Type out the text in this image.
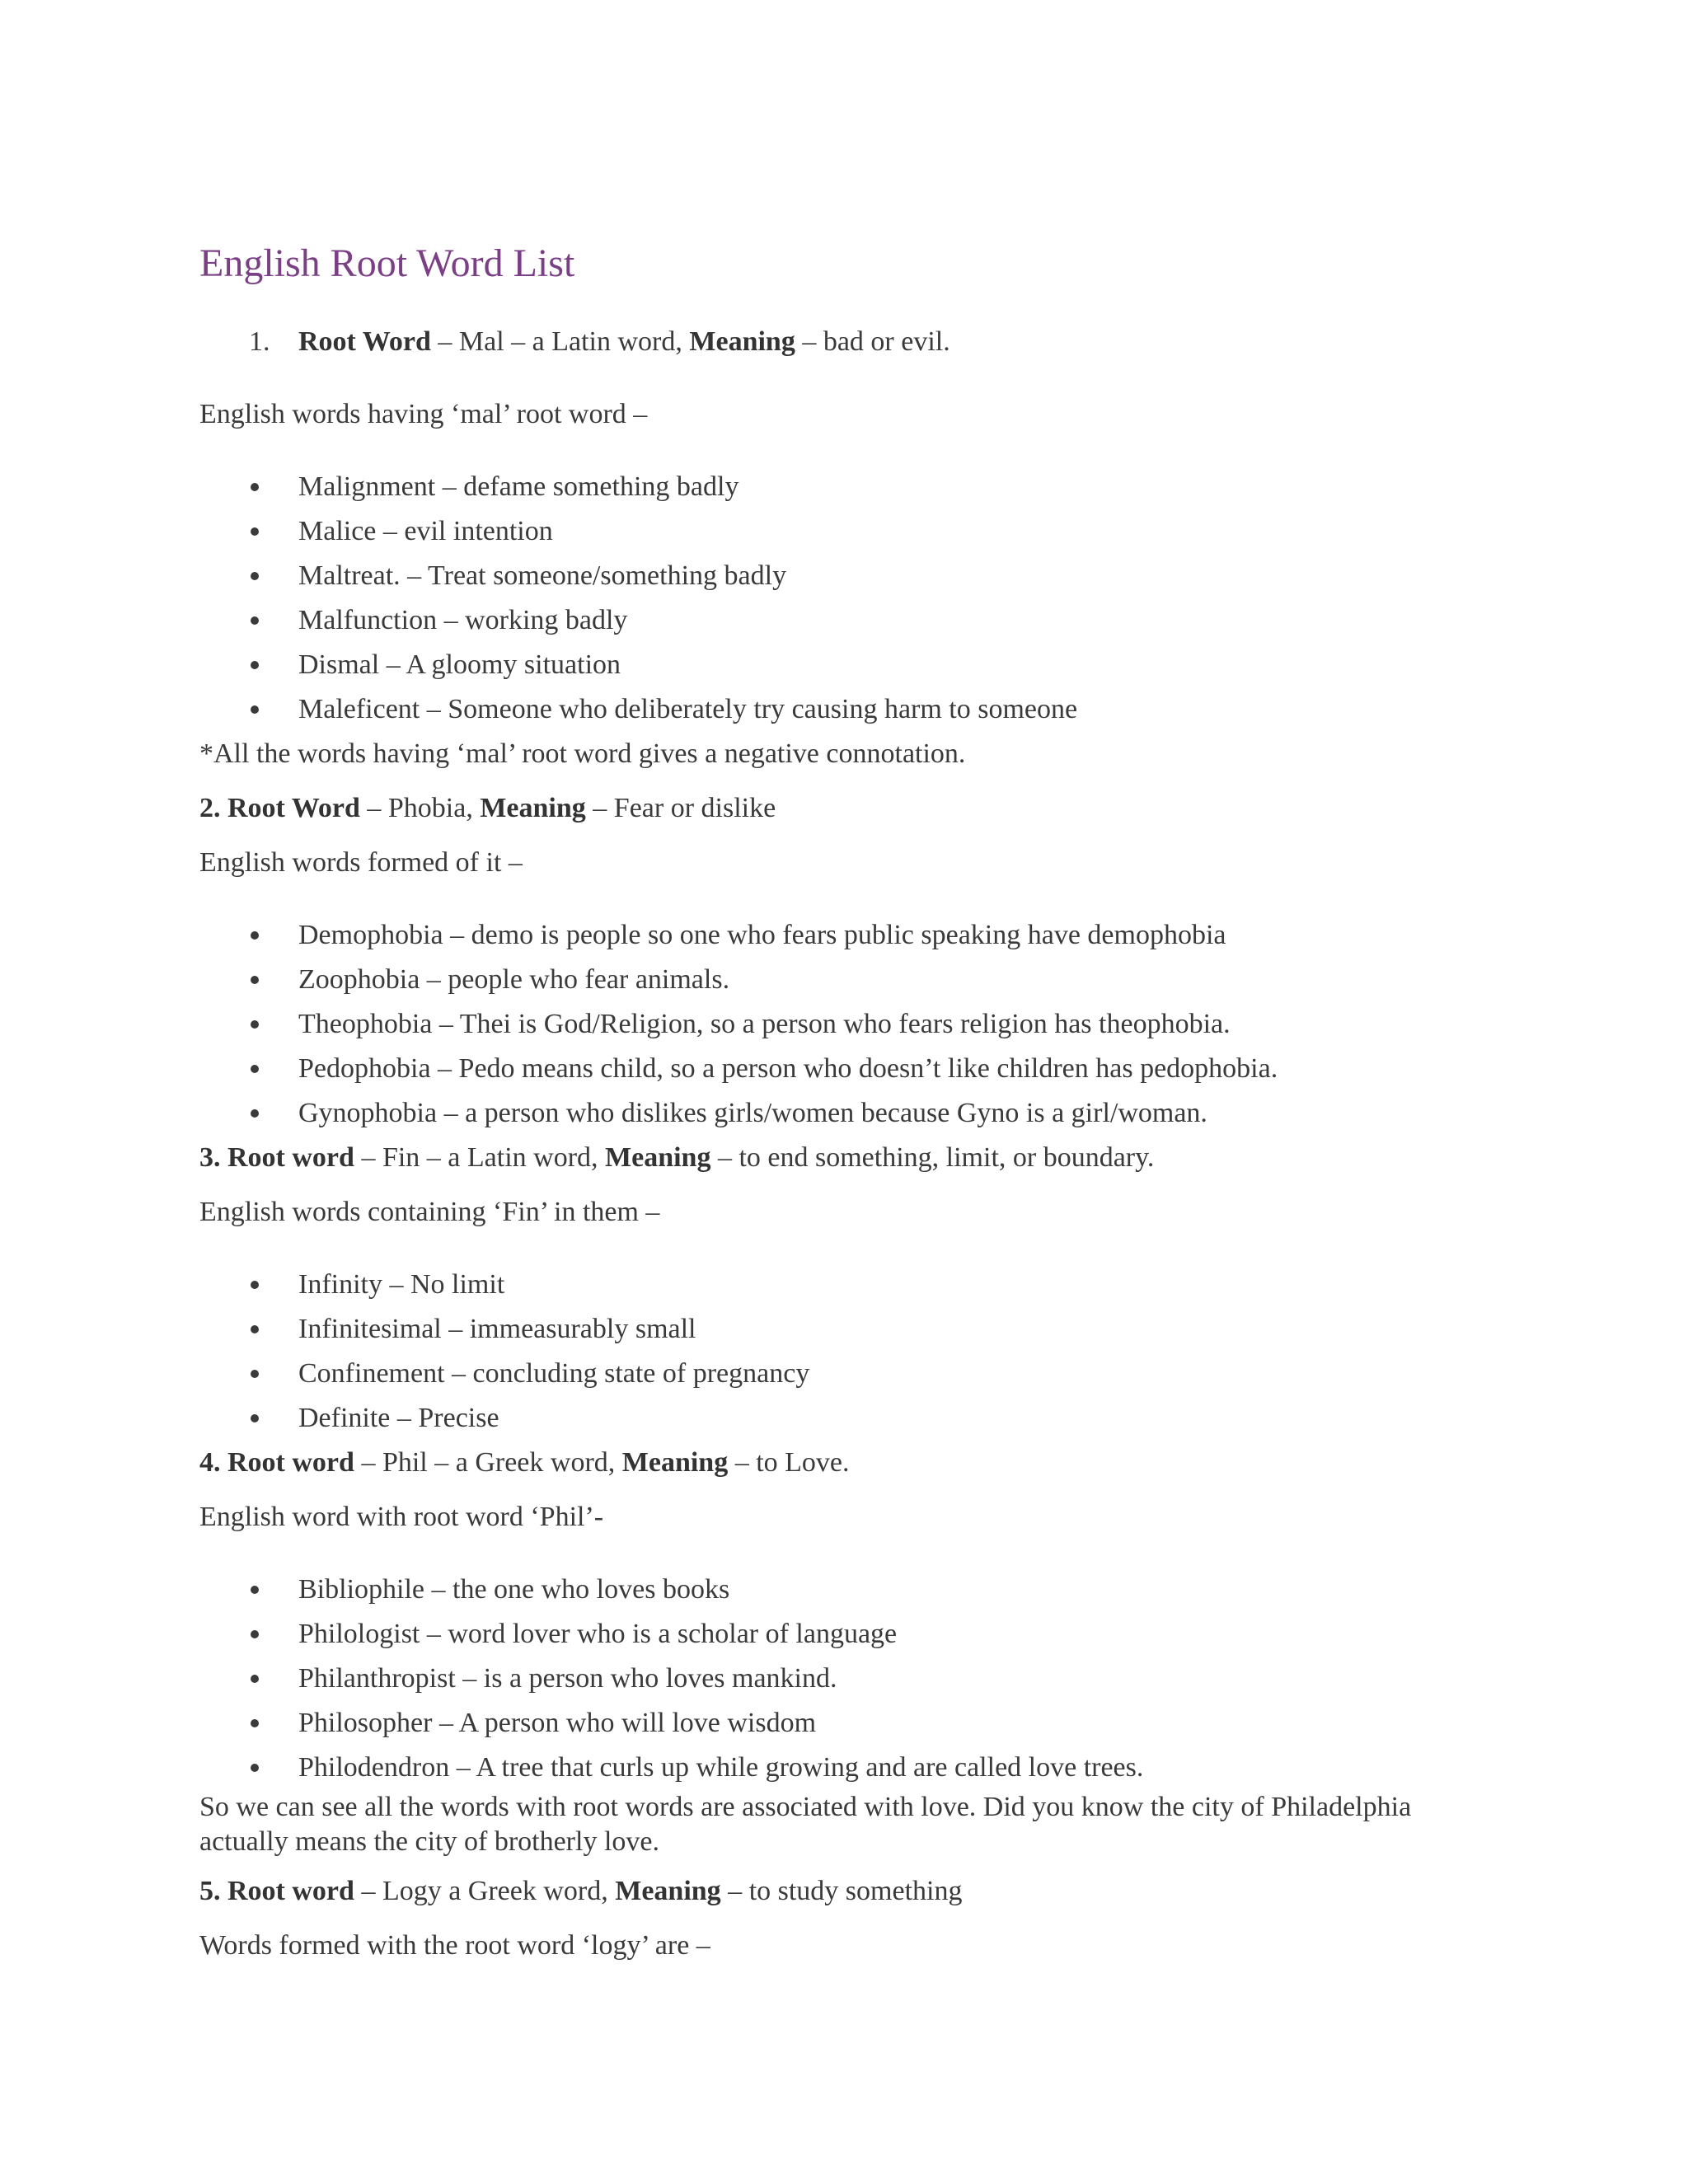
English Root Word List

1. Root Word – Mal – a Latin word, Meaning – bad or evil.

English words having ‘mal’ root word –

Malignment – defame something badly
Malice – evil intention
Maltreat. – Treat someone/something badly
Malfunction – working badly
Dismal – A gloomy situation
Maleficent – Someone who deliberately try causing harm to someone

*All the words having ‘mal’ root word gives a negative connotation.

2. Root Word – Phobia, Meaning – Fear or dislike

English words formed of it –

Demophobia – demo is people so one who fears public speaking have demophobia
Zoophobia – people who fear animals.
Theophobia – Thei is God/Religion, so a person who fears religion has theophobia.
Pedophobia – Pedo means child, so a person who doesn’t like children has pedophobia.
Gynophobia – a person who dislikes girls/women because Gyno is a girl/woman.

3. Root word – Fin – a Latin word, Meaning – to end something, limit, or boundary.

English words containing ‘Fin’ in them –

Infinity – No limit
Infinitesimal – immeasurably small
Confinement – concluding state of pregnancy
Definite – Precise

4. Root word – Phil – a Greek word, Meaning – to Love.

English word with root word ‘Phil’-

Bibliophile – the one who loves books
Philologist – word lover who is a scholar of language
Philanthropist – is a person who loves mankind.
Philosopher – A person who will love wisdom
Philodendron – A tree that curls up while growing and are called love trees.

So we can see all the words with root words are associated with love. Did you know the city of Philadelphia actually means the city of brotherly love.

5. Root word – Logy a Greek word, Meaning – to study something

Words formed with the root word ‘logy’ are –
